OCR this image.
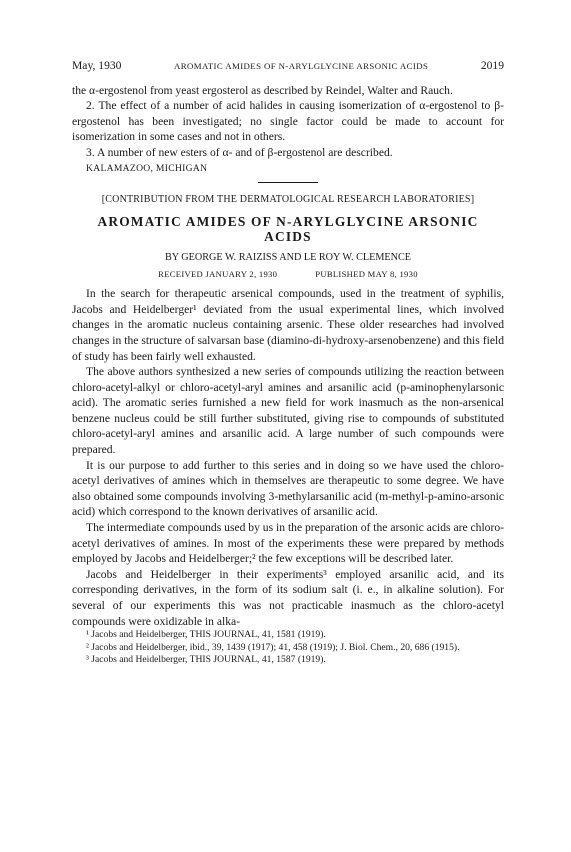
May, 1930	AROMATIC AMIDES OF N-ARYLGLYCINE ARSONIC ACIDS	2019

the α-ergostenol from yeast ergosterol as described by Reindel, Walter and Rauch.

2. The effect of a number of acid halides in causing isomerization of α-ergostenol to β-ergostenol has been investigated; no single factor could be made to account for isomerization in some cases and not in others.

3. A number of new esters of α- and of β-ergostenol are described.

KALAMAZOO, MICHIGAN

[CONTRIBUTION FROM THE DERMATOLOGICAL RESEARCH LABORATORIES]

AROMATIC AMIDES OF N-ARYLGLYCINE ARSONIC ACIDS

BY GEORGE W. RAIZISS AND LE ROY W. CLEMENCE

RECEIVED JANUARY 2, 1930	PUBLISHED MAY 8, 1930

In the search for therapeutic arsenical compounds, used in the treatment of syphilis, Jacobs and Heidelberger¹ deviated from the usual experimental lines, which involved changes in the aromatic nucleus containing arsenic. These older researches had involved changes in the structure of salvarsan base (diamino-di-hydroxy-arsenobenzene) and this field of study has been fairly well exhausted.

The above authors synthesized a new series of compounds utilizing the reaction between chloro-acetyl-alkyl or chloro-acetyl-aryl amines and arsanilic acid (p-aminophenylarsonic acid). The aromatic series furnished a new field for work inasmuch as the non-arsenical benzene nucleus could be still further substituted, giving rise to compounds of substituted chloro-acetyl-aryl amines and arsanilic acid. A large number of such compounds were prepared.

It is our purpose to add further to this series and in doing so we have used the chloro-acetyl derivatives of amines which in themselves are therapeutic to some degree. We have also obtained some compounds involving 3-methylarsanilic acid (m-methyl-p-amino-arsonic acid) which correspond to the known derivatives of arsanilic acid.

The intermediate compounds used by us in the preparation of the arsonic acids are chloro-acetyl derivatives of amines. In most of the experiments these were prepared by methods employed by Jacobs and Heidelberger;² the few exceptions will be described later.

Jacobs and Heidelberger in their experiments³ employed arsanilic acid, and its corresponding derivatives, in the form of its sodium salt (i. e., in alkaline solution). For several of our experiments this was not practicable inasmuch as the chloro-acetyl compounds were oxidizable in alka-

¹ Jacobs and Heidelberger, THIS JOURNAL, 41, 1581 (1919).

² Jacobs and Heidelberger, ibid., 39, 1439 (1917); 41, 458 (1919); J. Biol. Chem., 20, 686 (1915).

³ Jacobs and Heidelberger, THIS JOURNAL, 41, 1587 (1919).
